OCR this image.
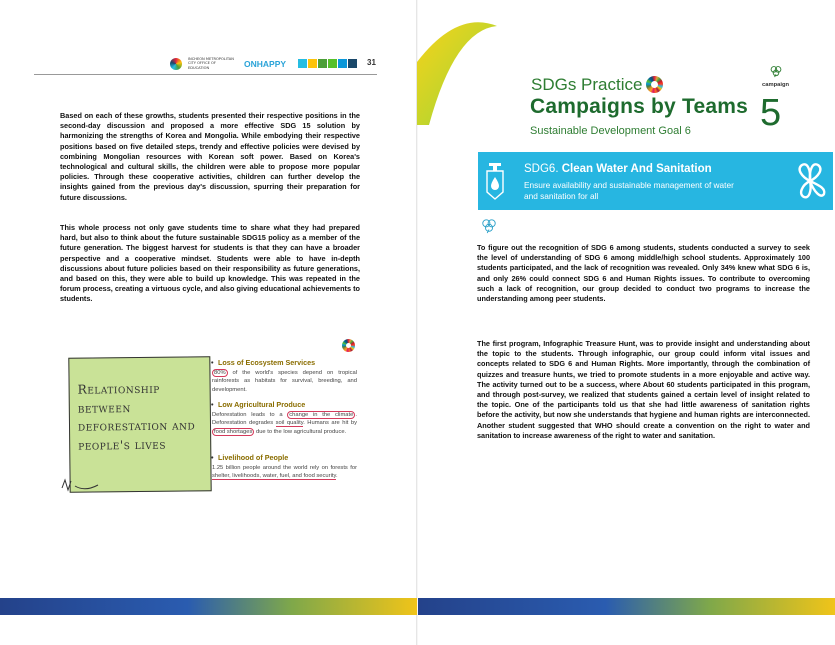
INCHEON METROPOLITAN CITY OFFICE OF EDUCATION	ONHAPPY	31

Based on each of these growths, students presented their respective positions in the second-day discussion and proposed a more effective SDG 15 solution by harmonizing the strengths of Korea and Mongolia. While embodying their respective positions based on five detailed steps, trendy and effective policies were devised by combining Mongolian resources with Korean soft power. Based on Korea's technological and cultural skills, the children were able to propose more popular policies. Through these cooperative activities, children can further develop the insights gained from the previous day's discussion, spurring their preparation for future discussions.

This whole process not only gave students time to share what they had prepared hard, but also to think about the future sustainable SDG15 policy as a member of the future generation. The biggest harvest for students is that they can have a broader perspective and a cooperative mindset. Students were able to have in-depth discussions about future policies based on their responsibility as future generations, and based on this, they were able to build up knowledge. This was repeated in the forum process, creating a virtuous cycle, and also giving educational achievements to students.

Relationship between deforestation and people's lives

• Loss of Ecosystem Services

80% of the world's species depend on tropical rainforests as habitats for survival, breeding, and development.

• Low Agricultural Produce

Deforestation leads to a change in the climate . Deforestation degrades soil quality. Humans are hit by food shortages due to the low agricultural produce.

• Livelihood of People

1.25 billion people around the world rely on forests for shelter, livelihoods, water, fuel, and food security.

SDGs Practice
Campaigns by Teams
Sustainable Development Goal 6
campaign
5
SDG6. Clean Water And Sanitation
Ensure availability and sustainable management of water and sanitation for all

To figure out the recognition of SDG 6 among students, students conducted a survey to seek the level of understanding of SDG 6 among middle/high school students. Approximately 100 students participated, and the lack of recognition was revealed. Only 34% knew what SDG 6 is, and only 26% could connect SDG 6 and Human Rights issues. To contribute to overcoming such a lack of recognition, our group decided to conduct two programs to increase the understanding among peer students.

The first program, Infographic Treasure Hunt, was to provide insight and understanding about the topic to the students. Through infographic, our group could inform vital issues and concepts related to SDG 6 and Human Rights. More importantly, through the combination of quizzes and treasure hunts, we tried to promote students in a more enjoyable and active way. The activity turned out to be a success, where About 60 students participated in this program, and through post-survey, we realized that students gained a certain level of insight related to the topic. One of the participants told us that she had little awareness of sanitation rights before the activity, but now she understands that hygiene and human rights are interconnected. Another student suggested that WHO should create a convention on the right to water and sanitation to increase awareness of the right to water and sanitation.
